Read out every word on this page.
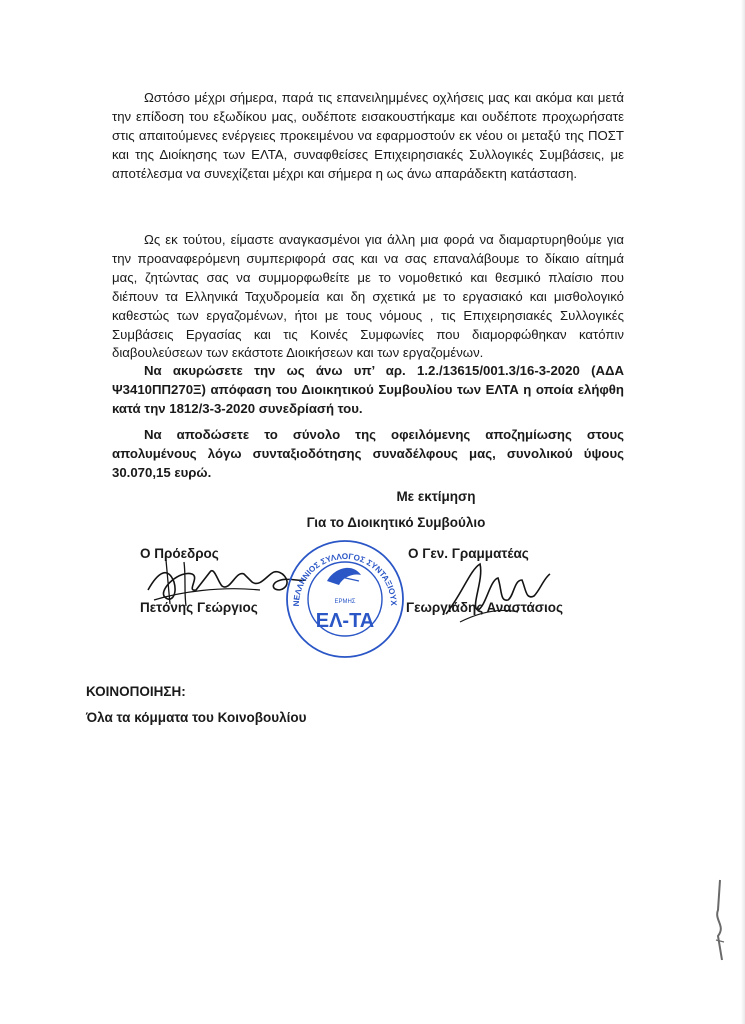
Ωστόσο μέχρι σήμερα, παρά τις επανειλημμένες οχλήσεις μας και ακόμα και μετά την επίδοση του εξωδίκου μας, ουδέποτε εισακουστήκαμε και ουδέποτε προχωρήσατε στις απαιτούμενες ενέργειες προκειμένου να εφαρμοστούν εκ νέου οι μεταξύ της ΠΟΣΤ και της Διοίκησης των ΕΛΤΑ, συναφθείσες Επιχειρησιακές Συλλογικές Συμβάσεις, με αποτέλεσμα να συνεχίζεται μέχρι και σήμερα η ως άνω απαράδεκτη κατάσταση.

Ως εκ τούτου, είμαστε αναγκασμένοι για άλλη μια φορά να διαμαρτυρηθούμε για την προαναφερόμενη συμπεριφορά σας και να σας επαναλάβουμε το δίκαιο αίτημά μας, ζητώντας σας να συμμορφωθείτε με το νομοθετικό και θεσμικό πλαίσιο που διέπουν τα Ελληνικά Ταχυδρομεία και δη σχετικά με το εργασιακό και μισθολογικό καθεστώς των εργαζομένων, ήτοι με τους νόμους , τις Επιχειρησιακές Συλλογικές Συμβάσεις Εργασίας και τις Κοινές Συμφωνίες που διαμορφώθηκαν κατόπιν διαβουλεύσεων των εκάστοτε Διοικήσεων και των εργαζομένων.

Να ακυρώσετε την ως άνω υπ’ αρ. 1.2./13615/001.3/16-3-2020 (ΑΔΑ Ψ3410ΠΠ270Ξ) απόφαση του Διοικητικού Συμβουλίου των ΕΛΤΑ η οποία ελήφθη κατά την 1812/3-3-2020 συνεδρίασή του.

Να αποδώσετε το σύνολο της οφειλόμενης αποζημίωσης στους απολυμένους λόγω συνταξιοδότησης συναδέλφους μας, συνολικού ύψους 30.070,15 ευρώ.

Με εκτίμηση
Για το Διοικητικό Συμβούλιο
Ο Πρόεδρος	Ο Γεν. Γραμματέας
ΠΑΝΕΛΛΗΝΙΟΣ ΣΥΛΛΟΓΟΣ ΣΥΝΤΑΞΙΟΥΧΩΝ
ΕΡΜΗΣ
ΕΛ-ΤΑ
Πετόνης Γεώργιος	Γεωργιάδης Αναστάσιος
ΚΟΙΝΟΠΟΙΗΣΗ:
Όλα τα κόμματα του Κοινοβουλίου
